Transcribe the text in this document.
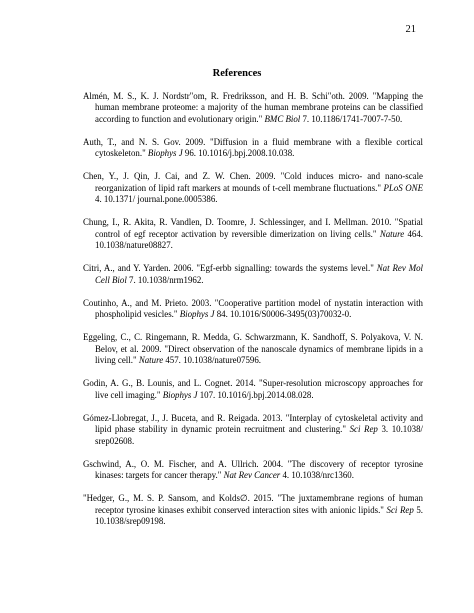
21
References
Almén, M. S., K. J. Nordstr"om, R. Fredriksson, and H. B. Schi"oth. 2009. "Mapping the human membrane proteome: a majority of the human membrane proteins can be classified according to function and evolutionary origin." BMC Biol 7. 10.1186/1741-7007-7-50.
Auth, T., and N. S. Gov. 2009. "Diffusion in a fluid membrane with a flexible cortical cytoskeleton." Biophys J 96. 10.1016/j.bpj.2008.10.038.
Chen, Y., J. Qin, J. Cai, and Z. W. Chen. 2009. "Cold induces micro- and nano-scale reorganization of lipid raft markers at mounds of t-cell membrane fluctuations." PLoS ONE 4. 10.1371/ journal.pone.0005386.
Chung, I., R. Akita, R. Vandlen, D. Toomre, J. Schlessinger, and I. Mellman. 2010. "Spatial control of egf receptor activation by reversible dimerization on living cells." Nature 464. 10.1038/nature08827.
Citri, A., and Y. Yarden. 2006. "Egf-erbb signalling: towards the systems level." Nat Rev Mol Cell Biol 7. 10.1038/nrm1962.
Coutinho, A., and M. Prieto. 2003. "Cooperative partition model of nystatin interaction with phospholipid vesicles." Biophys J 84. 10.1016/S0006-3495(03)70032-0.
Eggeling, C., C. Ringemann, R. Medda, G. Schwarzmann, K. Sandhoff, S. Polyakova, V. N. Belov, et al. 2009. "Direct observation of the nanoscale dynamics of membrane lipids in a living cell." Nature 457. 10.1038/nature07596.
Godin, A. G., B. Lounis, and L. Cognet. 2014. "Super-resolution microscopy approaches for live cell imaging." Biophys J 107. 10.1016/j.bpj.2014.08.028.
Gómez-Llobregat, J., J. Buceta, and R. Reigada. 2013. "Interplay of cytoskeletal activity and lipid phase stability in dynamic protein recruitment and clustering." Sci Rep 3. 10.1038/ srep02608.
Gschwind, A., O. M. Fischer, and A. Ullrich. 2004. "The discovery of receptor tyrosine kinases: targets for cancer therapy." Nat Rev Cancer 4. 10.1038/nrc1360.
"Hedger, G., M. S. P. Sansom, and Kolds∅. 2015. "The juxtamembrane regions of human receptor tyrosine kinases exhibit conserved interaction sites with anionic lipids." Sci Rep 5. 10.1038/srep09198.
